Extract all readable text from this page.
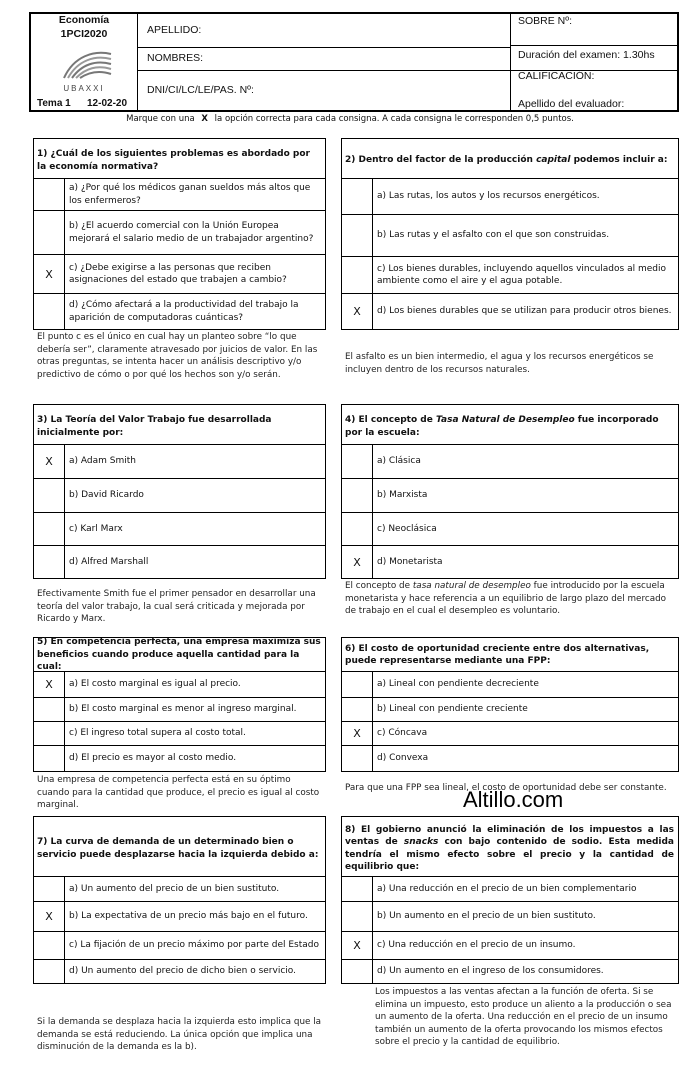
Economía
1PCI2020
UBAXXI
Tema 1 12-02-20
APELLIDO:
NOMBRES:
DNI/CI/LC/LE/PAS. Nº:
SOBRE Nº:
Duración del examen: 1.30hs
CALIFICACIÓN:
Apellido del evaluador:
Marque con una X la opción correcta para cada consigna. A cada consigna le corresponden 0,5 puntos.
1) ¿Cuál de los siguientes problemas es abordado por la economía normativa?
a) ¿Por qué los médicos ganan sueldos más altos que los enfermeros?
b) ¿El acuerdo comercial con la Unión Europea mejorará el salario medio de un trabajador argentino?
X	c) ¿Debe exigirse a las personas que reciben asignaciones del estado que trabajen a cambio?
d) ¿Cómo afectará a la productividad del trabajo la aparición de computadoras cuánticas?
El punto c es el único en cual hay un planteo sobre “lo que debería ser”, claramente atravesado por juicios de valor. En las otras preguntas, se intenta hacer un análisis descriptivo y/o predictivo de cómo o por qué los hechos son y/o serán.
2) Dentro del factor de la producción capital podemos incluir a:
a) Las rutas, los autos y los recursos energéticos.
b) Las rutas y el asfalto con el que son construidas.
c) Los bienes durables, incluyendo aquellos vinculados al medio ambiente como el aire y el agua potable.
X	d) Los bienes durables que se utilizan para producir otros bienes.
El asfalto es un bien intermedio, el agua y los recursos energéticos se incluyen dentro de los recursos naturales.
3) La Teoría del Valor Trabajo fue desarrollada inicialmente por:
X	a) Adam Smith
b) David Ricardo
c) Karl Marx
d) Alfred Marshall
Efectivamente Smith fue el primer pensador en desarrollar una teoría del valor trabajo, la cual será criticada y mejorada por Ricardo y Marx.
4) El concepto de Tasa Natural de Desempleo fue incorporado por la escuela:
a) Clásica
b) Marxista
c) Neoclásica
X	d) Monetarista
El concepto de tasa natural de desempleo fue introducido por la escuela monetarista y hace referencia a un equilibrio de largo plazo del mercado de trabajo en el cual el desempleo es voluntario.
5) En competencia perfecta, una empresa maximiza sus beneficios cuando produce aquella cantidad para la cual:
X	a) El costo marginal es igual al precio.
b) El costo marginal es menor al ingreso marginal.
c) El ingreso total supera al costo total.
d) El precio es mayor al costo medio.
Una empresa de competencia perfecta está en su óptimo cuando para la cantidad que produce, el precio es igual al costo marginal.
6) El costo de oportunidad creciente entre dos alternativas, puede representarse mediante una FPP:
a) Lineal con pendiente decreciente
b) Lineal con pendiente creciente
X	c) Cóncava
d) Convexa
Para que una FPP sea lineal, el costo de oportunidad debe ser constante.
Altillo.com
7) La curva de demanda de un determinado bien o servicio puede desplazarse hacia la izquierda debido a:
a) Un aumento del precio de un bien sustituto.
X	b) La expectativa de un precio más bajo en el futuro.
c) La fijación de un precio máximo por parte del Estado
d) Un aumento del precio de dicho bien o servicio.
Si la demanda se desplaza hacia la izquierda esto implica que la demanda se está reduciendo. La única opción que implica una disminución de la demanda es la b).
8) El gobierno anunció la eliminación de los impuestos a las ventas de snacks con bajo contenido de sodio. Esta medida tendría el mismo efecto sobre el precio y la cantidad de equilibrio que:
a) Una reducción en el precio de un bien complementario
b) Un aumento en el precio de un bien sustituto.
X	c) Una reducción en el precio de un insumo.
d) Un aumento en el ingreso de los consumidores.
Los impuestos a las ventas afectan a la función de oferta. Si se elimina un impuesto, esto produce un aliento a la producción o sea un aumento de la oferta. Una reducción en el precio de un insumo también un aumento de la oferta provocando los mismos efectos sobre el precio y la cantidad de equilibrio.
